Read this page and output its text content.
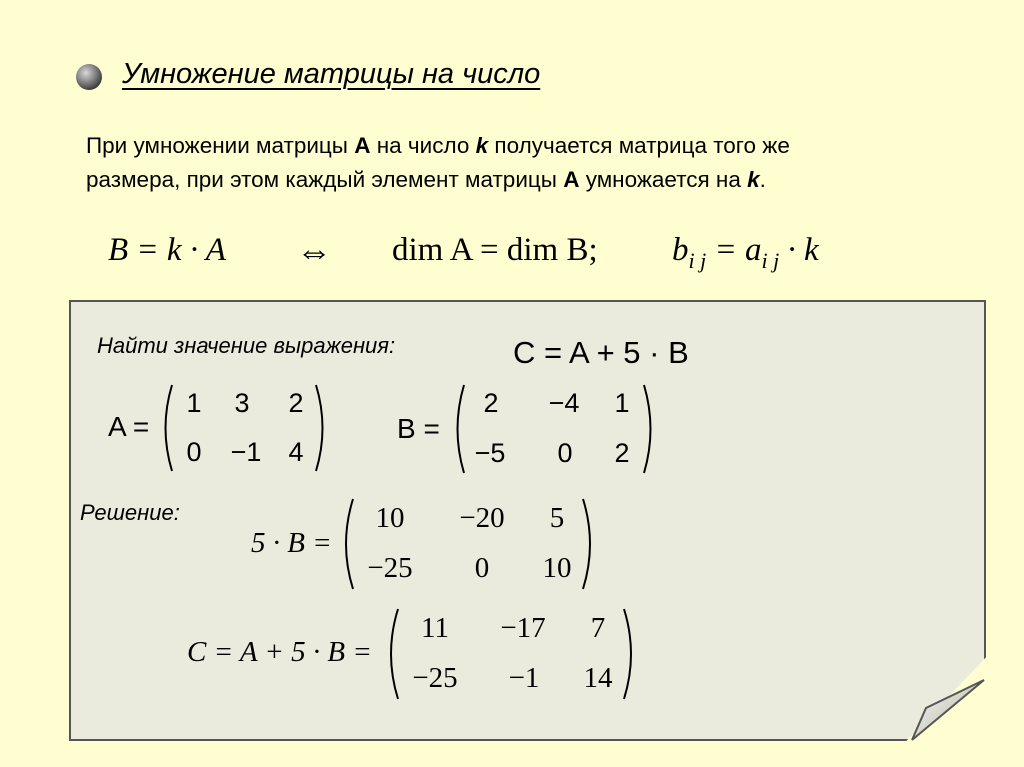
Умножение матрицы на число
При умножении матрицы A на число k получается матрица того же
размера, при этом каждый элемент матрицы A умножается на k.
B = k · A ⇔ dim A = dim B; $b_{i j} = a_{i j} \cdot k$
Найти значение выражения:	C = A + 5 · B
A =
1	3	2
0	−1	4
B =
2	−4	1
−5	0	2
Решение:
5 · B =
10	−20	5
−25	0	10
C = A + 5 · B =
11	−17	7
−25	−1	14
